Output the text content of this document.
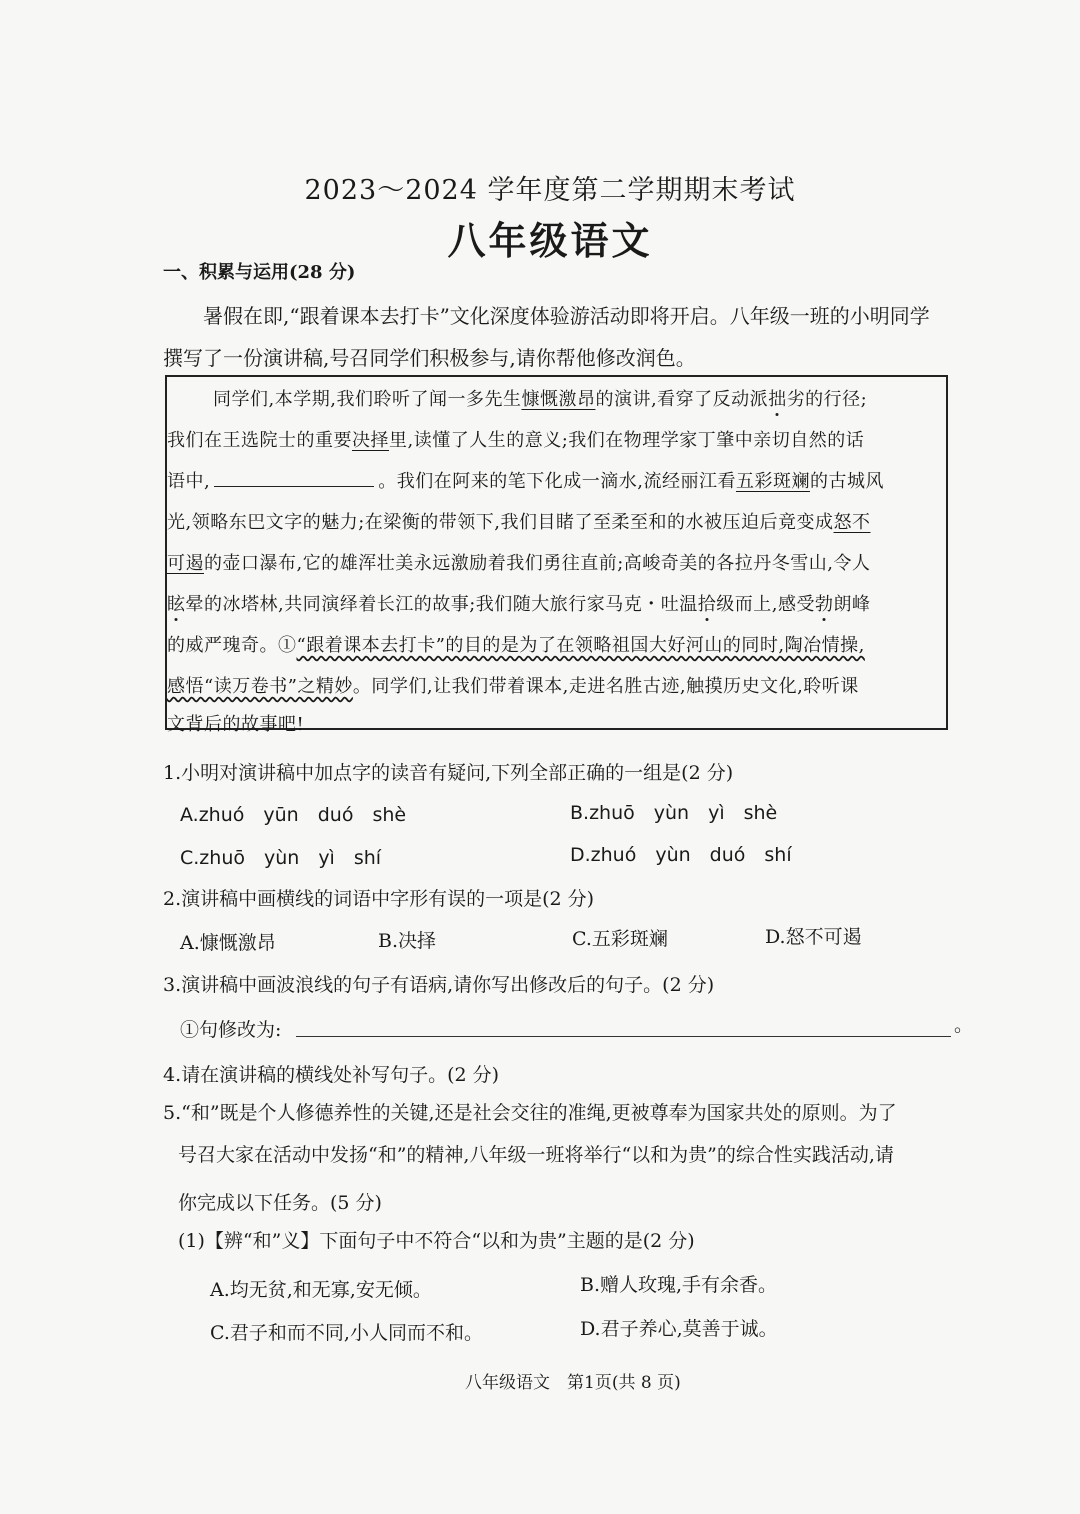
2023～2024 学年度第二学期期末考试
八年级语文
一、积累与运用(28 分)
暑假在即,“跟着课本去打卡”文化深度体验游活动即将开启。八年级一班的小明同学
撰写了一份演讲稿,号召同学们积极参与,请你帮他修改润色。
同学们,本学期,我们聆听了闻一多先生慷慨激昂的演讲,看穿了反动派拙劣的行径;
我们在王选院士的重要决择里,读懂了人生的意义;我们在物理学家丁肇中亲切自然的话
语中,	。我们在阿来的笔下化成一滴水,流经丽江看五彩斑斓的古城风
光,领略东巴文字的魅力;在梁衡的带领下,我们目睹了至柔至和的水被压迫后竟变成怒不
可遏的壶口瀑布,它的雄浑壮美永远激励着我们勇往直前;高峻奇美的各拉丹冬雪山,令人
眩晕的冰塔林,共同演绎着长江的故事;我们随大旅行家马克・吐温拾级而上,感受勃朗峰
的威严瑰奇。①“跟着课本去打卡”的目的是为了在领略祖国大好河山的同时,陶冶情操,
感悟“读万卷书”之精妙。同学们,让我们带着课本,走进名胜古迹,触摸历史文化,聆听课
文背后的故事吧!
1.小明对演讲稿中加点字的读音有疑问,下列全部正确的一组是(2 分)
A.zhuó　yūn　duó　shè	B.zhuō　yùn　yì　shè
C.zhuō　yùn　yì　shí	D.zhuó　yùn　duó　shí
2.演讲稿中画横线的词语中字形有误的一项是(2 分)
A.慷慨激昂	B.决择	C.五彩斑斓	D.怒不可遏
3.演讲稿中画波浪线的句子有语病,请你写出修改后的句子。(2 分)
①句修改为:	。
4.请在演讲稿的横线处补写句子。(2 分)
5.“和”既是个人修德养性的关键,还是社会交往的准绳,更被尊奉为国家共处的原则。为了
号召大家在活动中发扬“和”的精神,八年级一班将举行“以和为贵”的综合性实践活动,请
你完成以下任务。(5 分)
(1)【辨“和”义】下面句子中不符合“以和为贵”主题的是(2 分)
A.均无贫,和无寡,安无倾。	B.赠人玫瑰,手有余香。
C.君子和而不同,小人同而不和。	D.君子养心,莫善于诚。
八年级语文　第1页(共 8 页)
